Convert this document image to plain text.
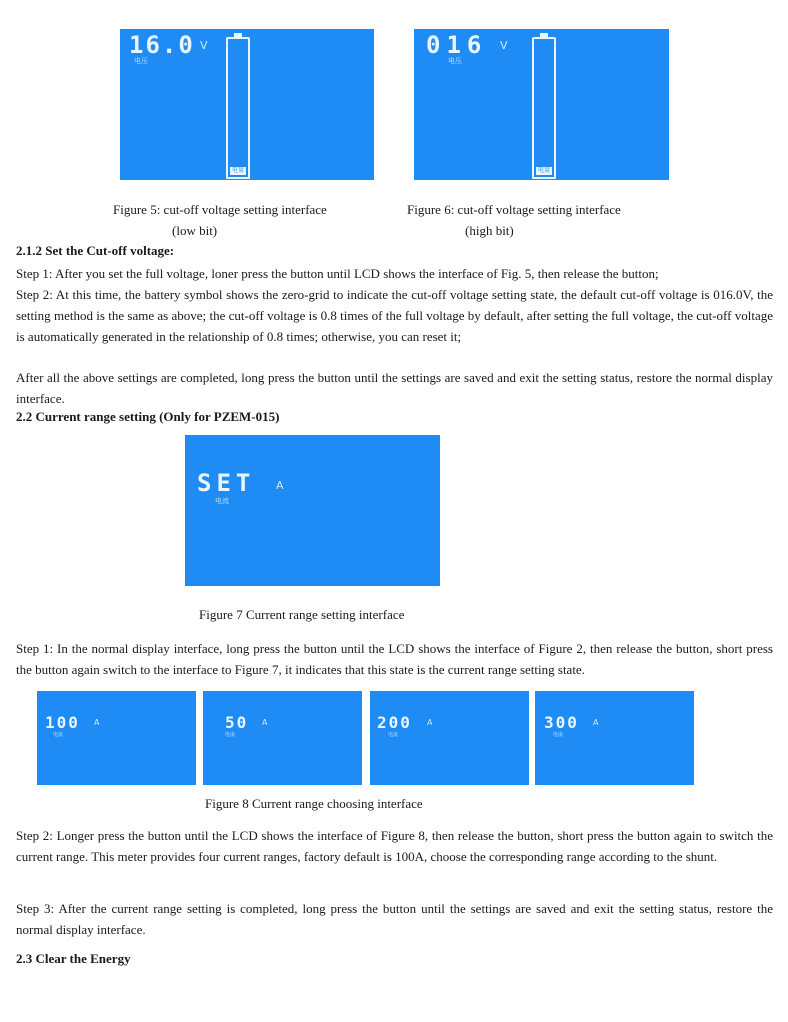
16.0 V
电压
电量
016 V
电压
电量
Figure 5: cut-off voltage setting interface
(low bit)
Figure 6: cut-off voltage setting interface
(high bit)
2.1.2 Set the Cut-off voltage:
Step 1: After you set the full voltage, loner press the button until LCD shows the interface of Fig. 5, then release the button;
Step 2: At this time, the battery symbol shows the zero-grid to indicate the cut-off voltage setting state, the default cut-off voltage is 016.0V, the setting method is the same as above; the cut-off voltage is 0.8 times of the full voltage by default, after setting the full voltage, the cut-off voltage is automatically generated in the relationship of 0.8 times; otherwise, you can reset it;
After all the above settings are completed, long press the button until the settings are saved and exit the setting status, restore the normal display interface.
2.2 Current range setting (Only for PZEM-015)
SET A
电流
Figure 7 Current range setting interface
Step 1: In the normal display interface, long press the button until the LCD shows the interface of Figure 2, then release the button, short press the button again switch to the interface to Figure 7, it indicates that this state is the current range setting state.
100 A
电流
50 A
电流
200 A
电流
300 A
电流
Figure 8 Current range choosing interface
Step 2: Longer press the button until the LCD shows the interface of Figure 8, then release the button, short press the button again to switch the current range. This meter provides four current ranges, factory default is 100A, choose the corresponding range according to the shunt.
Step 3: After the current range setting is completed, long press the button until the settings are saved and exit the setting status, restore the normal display interface.
2.3 Clear the Energy
